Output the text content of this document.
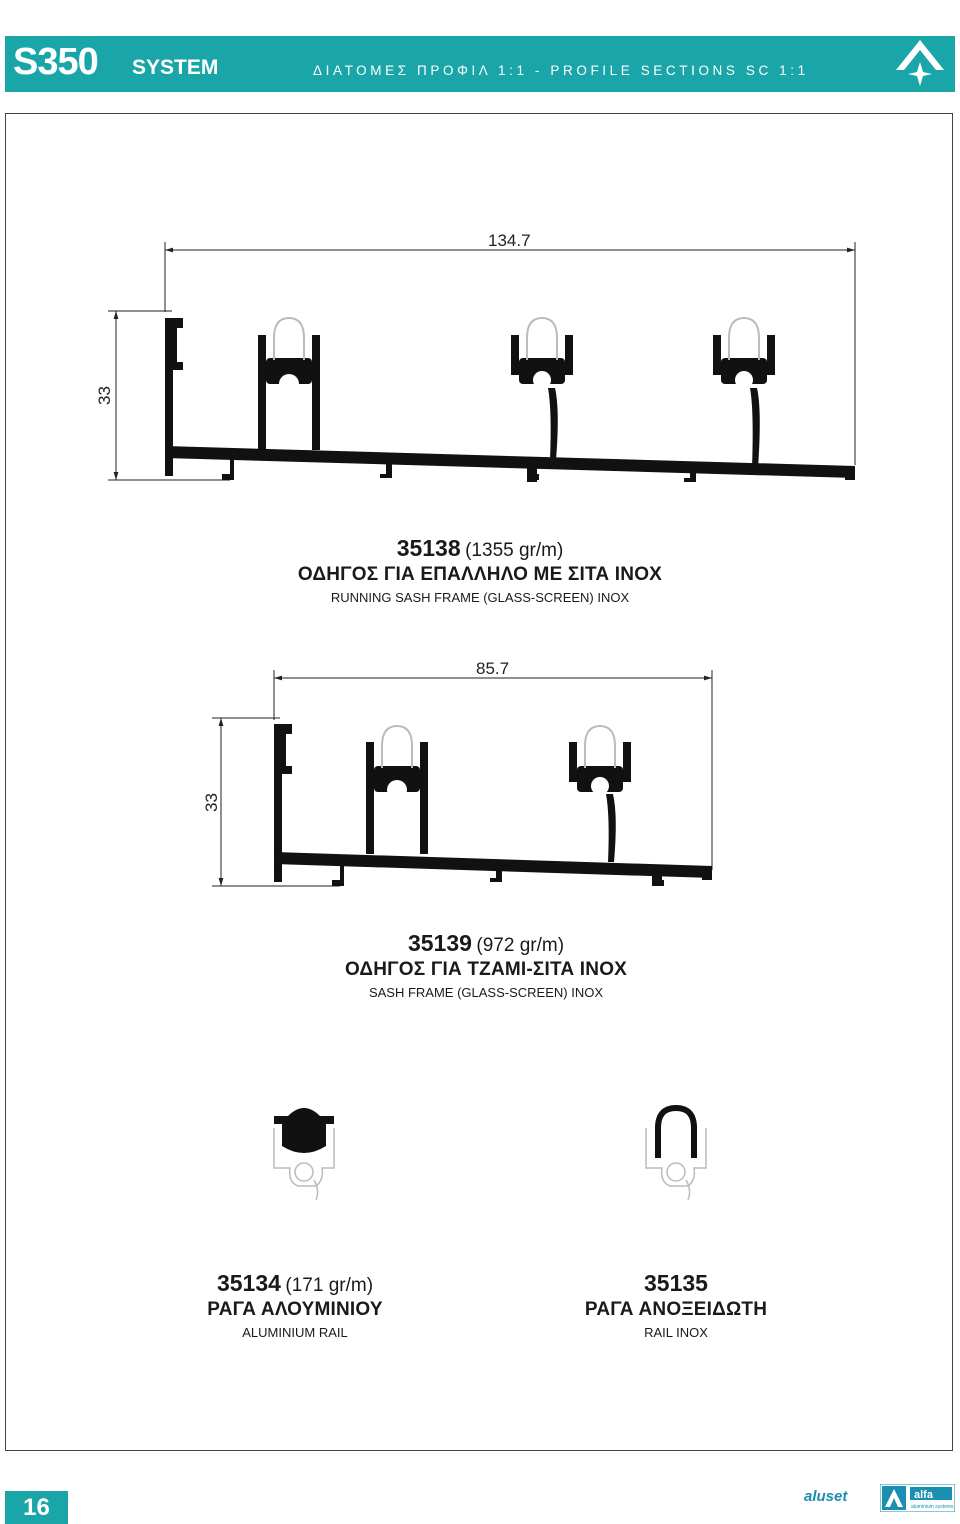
S350 SYSTEM	ΔΙΑΤΟΜΕΣ ΠΡΟΦΙΛ 1:1 - PROFILE SECTIONS SC 1:1
134.7
33
85.7
33
35138 (1355 gr/m)
ΟΔΗΓΟΣ ΓΙΑ ΕΠΑΛΛΗΛΟ ΜΕ ΣΙΤΑ ΙΝΟΧ
RUNNING SASH FRAME (GLASS-SCREEN) INOX
35139 (972 gr/m)
ΟΔΗΓΟΣ ΓΙΑ ΤΖΑΜΙ-ΣΙΤΑ ΙΝΟΧ
SASH FRAME (GLASS-SCREEN) INOX
35134 (171 gr/m)
ΡΑΓΑ ΑΛΟΥΜΙΝΙΟΥ
ALUMINIUM RAIL
35135
ΡΑΓΑ ΑΝΟΞΕΙΔΩΤΗ
RAIL INOX
16	aluset	alfa
aluminium systems
